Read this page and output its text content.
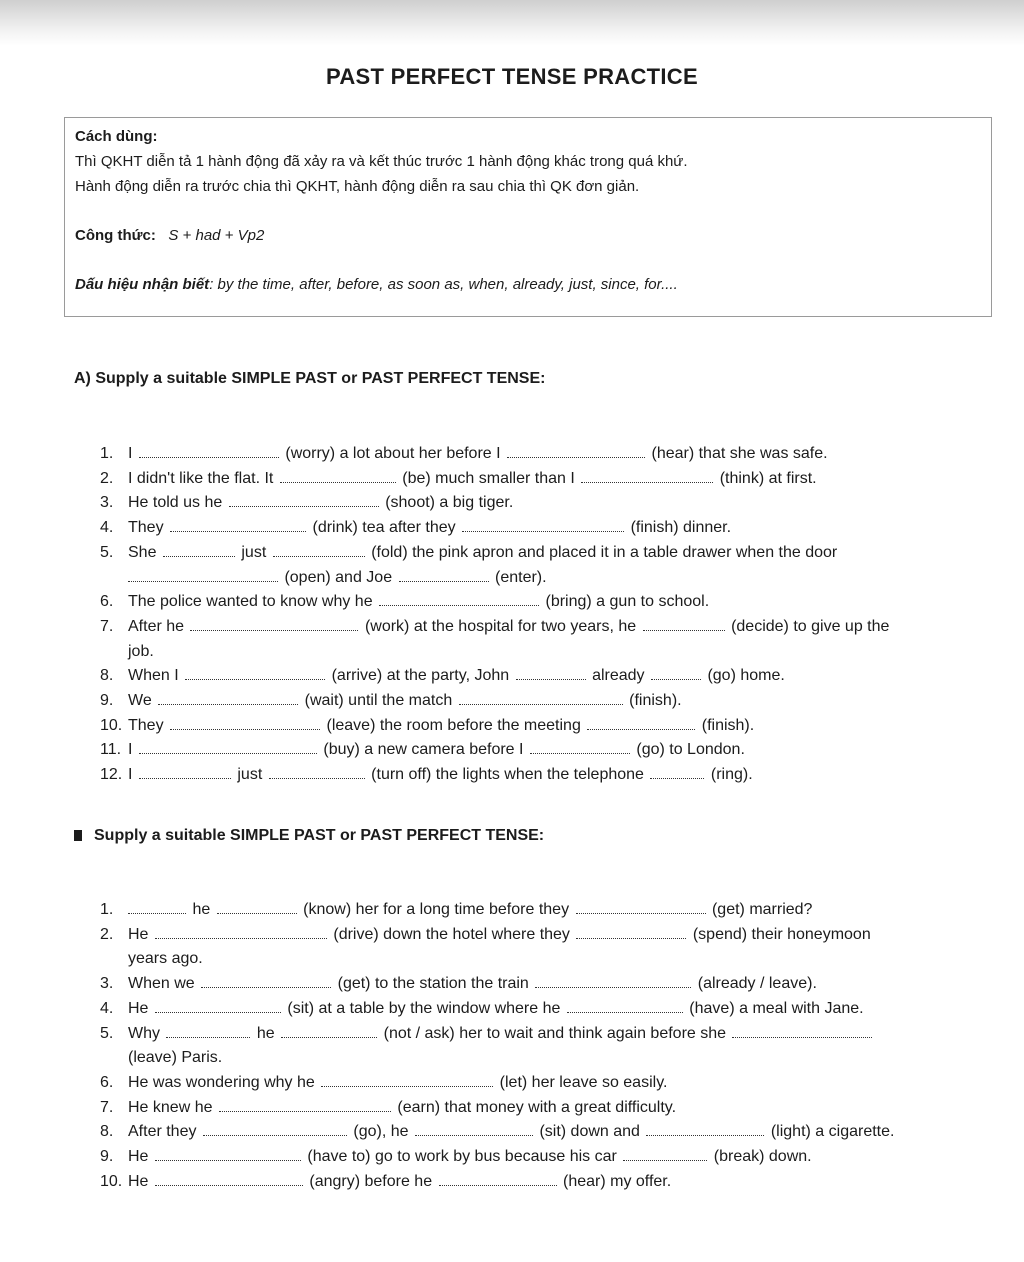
PAST PERFECT TENSE PRACTICE
Cách dùng:
Thì QKHT diễn tả 1 hành động đã xảy ra và kết thúc trước 1 hành động khác trong quá khứ.
Hành động diễn ra trước chia thì QKHT, hành động diễn ra sau chia thì QK đơn giản.
Công thức: S + had + Vp2
Dấu hiệu nhận biết: by the time, after, before, as soon as, when, already, just, since, for....
A) Supply a suitable SIMPLE PAST or PAST PERFECT TENSE:
1. I	(worry) a lot about her before I	(hear) that she was safe.
2. I didn't like the flat. It	(be) much smaller than I	(think) at first.
3. He told us he	(shoot) a big tiger.
4. They	(drink) tea after they	(finish) dinner.
5. She	just	(fold) the pink apron and placed it in a table drawer when the door
(open) and Joe	(enter).
6. The police wanted to know why he	(bring) a gun to school.
7. After he	(work) at the hospital for two years, he	(decide) to give up the
job.
8. When I	(arrive) at the party, John	already	(go) home.
9. We	(wait) until the match	(finish).
10. They	(leave) the room before the meeting	(finish).
11. I	(buy) a new camera before I	(go) to London.
12. I	just	(turn off) the lights when the telephone	(ring).
Supply a suitable SIMPLE PAST or PAST PERFECT TENSE:
1.	he	(know) her for a long time before they	(get) married?
2. He	(drive) down the hotel where they	(spend) their honeymoon
years ago.
3. When we	(get) to the station the train	(already / leave).
4. He	(sit) at a table by the window where he	(have) a meal with Jane.
5. Why	he	(not / ask) her to wait and think again before she
(leave) Paris.
6. He was wondering why he	(let) her leave so easily.
7. He knew he	(earn) that money with a great difficulty.
8. After they	(go), he	(sit) down and	(light) a cigarette.
9. He	(have to) go to work by bus because his car	(break) down.
10. He	(angry) before he	(hear) my offer.
